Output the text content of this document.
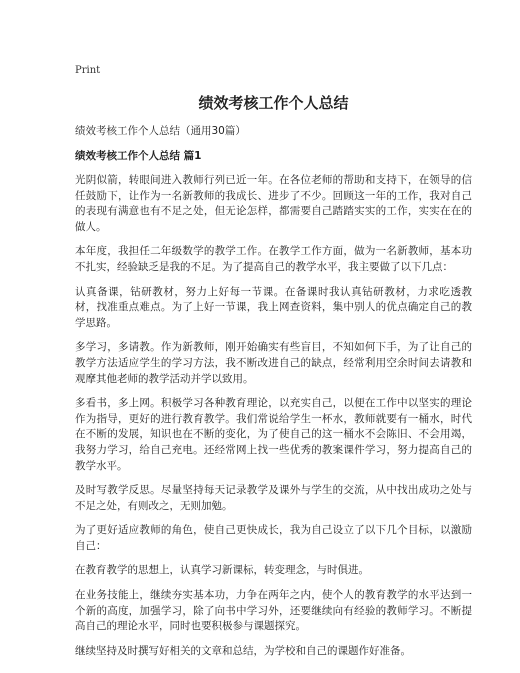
Print
绩效考核工作个人总结
绩效考核工作个人总结（通用30篇）
绩效考核工作个人总结 篇1

光阴似箭，转眼间进入教师行列已近一年。在各位老师的帮助和支持下，在领导的信任鼓励下，让作为一名新教师的我成长、进步了不少。回顾这一年的工作，我对自己的表现有满意也有不足之处，但无论怎样，都需要自己踏踏实实的工作，实实在在的做人。

本年度，我担任二年级数学的教学工作。在教学工作方面，做为一名新教师，基本功不扎实，经验缺乏是我的不足。为了提高自己的教学水平，我主要做了以下几点：

认真备课，钻研教材，努力上好每一节课。在备课时我认真钻研教材，力求吃透教材，找准重点难点。为了上好一节课，我上网查资料，集中别人的优点确定自己的教学思路。

多学习，多请教。作为新教师，刚开始确实有些盲目，不知如何下手，为了让自己的教学方法适应学生的学习方法，我不断改进自己的缺点，经常利用空余时间去请教和观摩其他老师的教学活动并学以致用。

多看书，多上网。积极学习各种教育理论，以充实自己，以便在工作中以坚实的理论作为指导，更好的进行教育教学。我们常说给学生一杯水，教师就要有一桶水，时代在不断的发展，知识也在不断的变化，为了使自己的这一桶水不会陈旧、不会用竭，我努力学习，给自己充电。还经常网上找一些优秀的教案课件学习，努力提高自己的教学水平。

及时写教学反思。尽量坚持每天记录教学及课外与学生的交流，从中找出成功之处与不足之处，有则改之，无则加勉。

为了更好适应教师的角色，使自己更快成长，我为自己设立了以下几个目标，以激励自己：

在教育教学的思想上，认真学习新课标，转变理念，与时俱进。

在业务技能上，继续夯实基本功，力争在两年之内，使个人的教育教学的水平达到一个新的高度，加强学习，除了向书中学习外，还要继续向有经验的教师学习。不断提高自己的理论水平，同时也要积极参与课题探究。

继续坚持及时撰写好相关的文章和总结，为学校和自己的课题作好准备。
